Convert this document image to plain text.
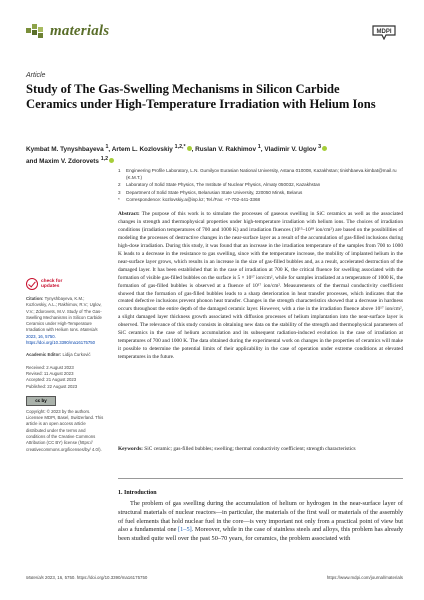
materials	MDPI
Article
Study of The Gas-Swelling Mechanisms in Silicon Carbide Ceramics under High-Temperature Irradiation with Helium Ions
Kymbat M. Tynyshbayeva $^1$, Artem L. Kozlovskiy $^{1,2,*}$ , Ruslan V. Rakhimov $^1$, Vladimir V. Uglov $^3$
and Maxim V. Zdorovets $^{1,2}$
1	Engineering Profile Laboratory, L.N. Gumilyov Eurasian National University, Astana 010008, Kazakhstan; tinishbaeva.kimbat@mail.ru (K.M.T.)
2	Laboratory of Solid State Physics, The Institute of Nuclear Physics, Almaty 050032, Kazakhstan
3	Department of Solid State Physics, Belarusian State University, 220050 Minsk, Belarus
*	Correspondence: kozlovskiy.a@inp.kz; Tel./Fax: +7-702-441-3368
Abstract: The purpose of this work is to simulate the processes of gaseous swelling in SiC ceramics as well as the associated changes in strength and thermophysical properties under high-temperature irradiation with helium ions. The choices of irradiation conditions (irradiation temperatures of 700 and 1000 K) and irradiation fluences (10¹⁵–10¹⁸ ion/cm²) are based on the possibilities of modeling the processes of destructive changes in the near-surface layer as a result of the accumulation of gas-filled inclusions during high-dose irradiation. During this study, it was found that an increase in the irradiation temperature of the samples from 700 to 1000 K leads to a decrease in the resistance to gas swelling, since with the temperature increase, the mobility of implanted helium in the near-surface layer grows, which results in an increase in the size of gas-filled bubbles and, as a result, accelerated destruction of the damaged layer. It has been established that in the case of irradiation at 700 K, the critical fluence for swelling associated with the formation of visible gas-filled bubbles on the surface is 5 × 10¹⁷ ion/cm², while for samples irradiated at a temperature of 1000 K, the formation of gas-filled bubbles is observed at a fluence of 10¹⁷ ion/cm². Measurements of the thermal conductivity coefficient showed that the formation of gas-filled bubbles leads to a sharp deterioration in heat transfer processes, which indicates that the created defective inclusions prevent phonon heat transfer. Changes in the strength characteristics showed that a decrease in hardness occurs throughout the entire depth of the damaged ceramic layer. However, with a rise in the irradiation fluence above 10¹⁷ ion/cm², a slight damaged layer thickness growth associated with diffusion processes of helium implantation into the near-surface layer is observed. The relevance of this study consists in obtaining new data on the stability of the strength and thermophysical parameters of SiC ceramics in the case of helium accumulation and its subsequent radiation-induced evolution in the case of irradiation at temperatures of 700 and 1000 K. The data obtained during the experimental work on changes in the properties of ceramics will make it possible to determine the potential limits of their applicability in the case of operation under extreme conditions at elevated temperatures in the future.
Keywords: SiC ceramic; gas-filled bubbles; swelling; thermal conductivity coefficient; strength characteristics
check for
updates
Citation: Tynyshbayeva, K.M.; Kozlovskiy, A.L.; Rakhimov, R.V.; Uglov, V.V.; Zdorovets, M.V. Study of The Gas-Swelling Mechanisms in Silicon Carbide Ceramics under High-Temperature Irradiation with Helium Ions. Materials 2023, 16, 5750. https://doi.org/10.3390/ma16175750
Academic Editor: Lidija Ćurković
Received: 2 August 2023
Revised: 11 August 2023
Accepted: 21 August 2023
Published: 22 August 2023
cc by
Copyright: © 2023 by the authors. Licensee MDPI, Basel, Switzerland. This article is an open access article distributed under the terms and conditions of the Creative Commons Attribution (CC BY) license (https:// creativecommons.org/licenses/by/ 4.0/).
1. Introduction

The problem of gas swelling during the accumulation of helium or hydrogen in the near-surface layer of structural materials of nuclear reactors—in particular, the materials of the first wall or materials of the assembly of fuel elements that hold nuclear fuel in the core—is very important not only from a practical point of view but also a fundamental one [1–5]. Moreover, while in the case of stainless steels and alloys, this problem has already been studied quite well over the past 50–70 years, for ceramics, the problem associated with

Materials 2023, 16, 5750. https://doi.org/10.3390/ma16175750	https://www.mdpi.com/journal/materials
